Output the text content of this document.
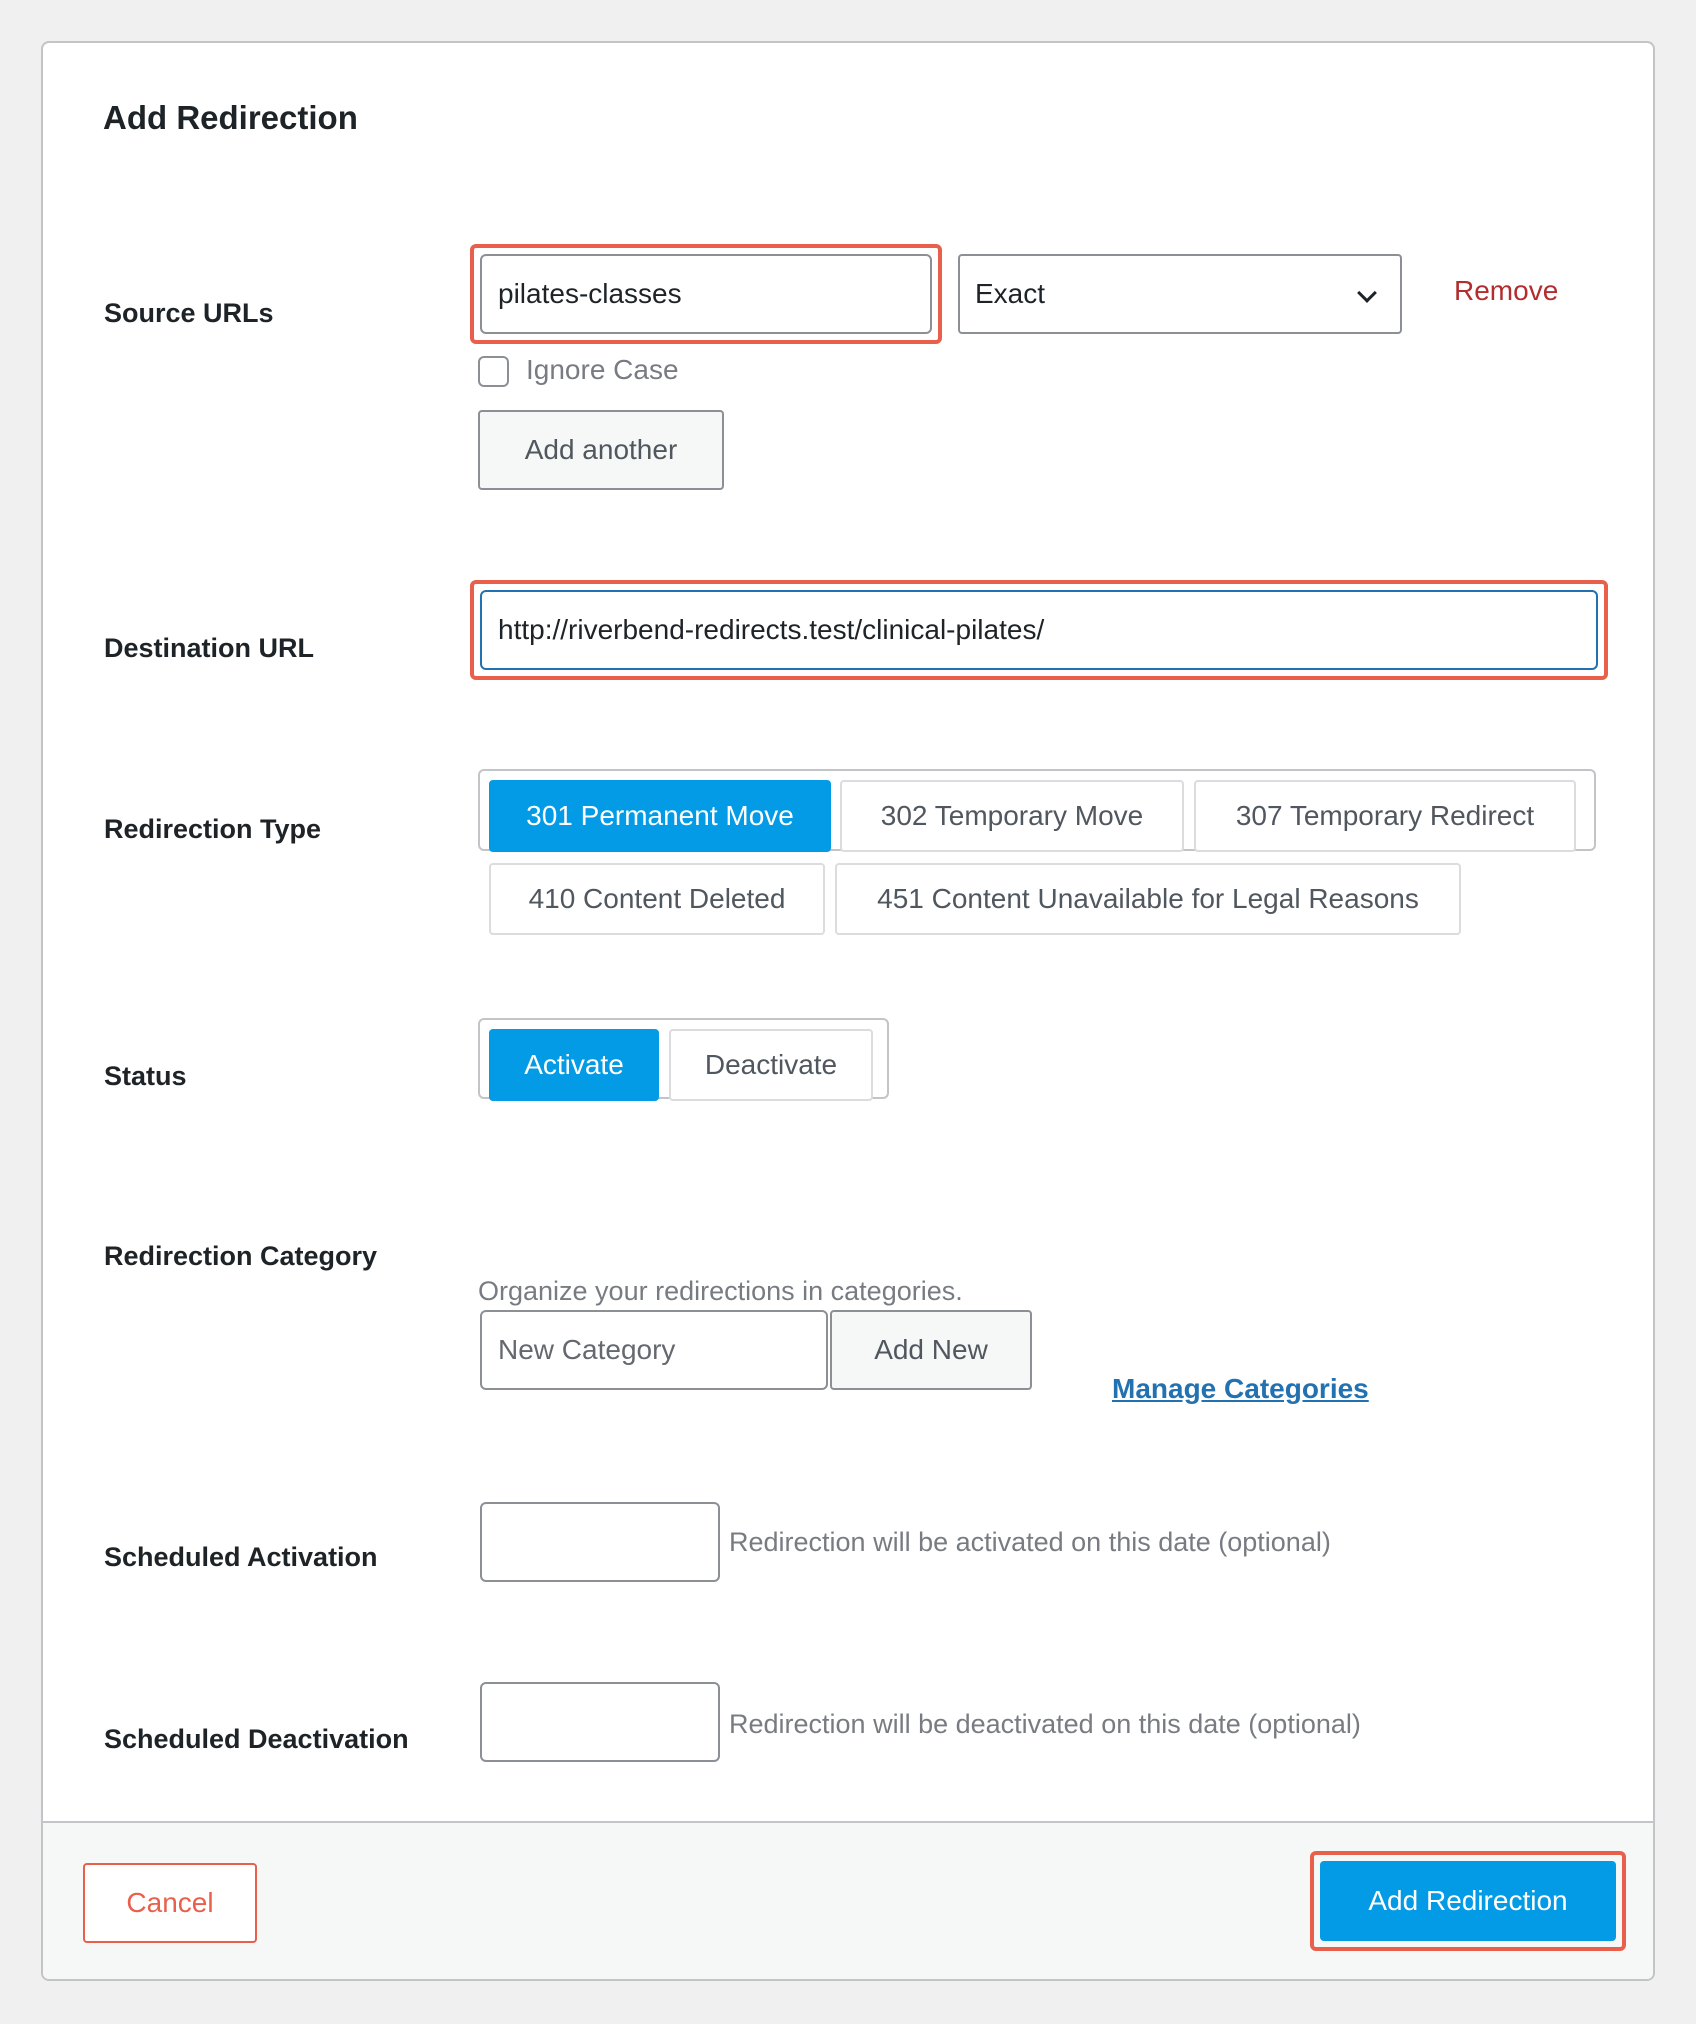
Add Redirection
Source URLs
pilates-classes
Exact	Remove
Ignore Case
Add another
Destination URL
http://riverbend-redirects.test/clinical-pilates/
Redirection Type	301 Permanent Move	302 Temporary Move	307 Temporary Redirect
410 Content Deleted	451 Content Unavailable for Legal Reasons
Status	Activate	Deactivate
Redirection Category
Organize your redirections in categories.
New Category
Add New
Manage Categories
Scheduled Activation	Redirection will be activated on this date (optional)
Scheduled Deactivation	Redirection will be deactivated on this date (optional)
Cancel	Add Redirection
